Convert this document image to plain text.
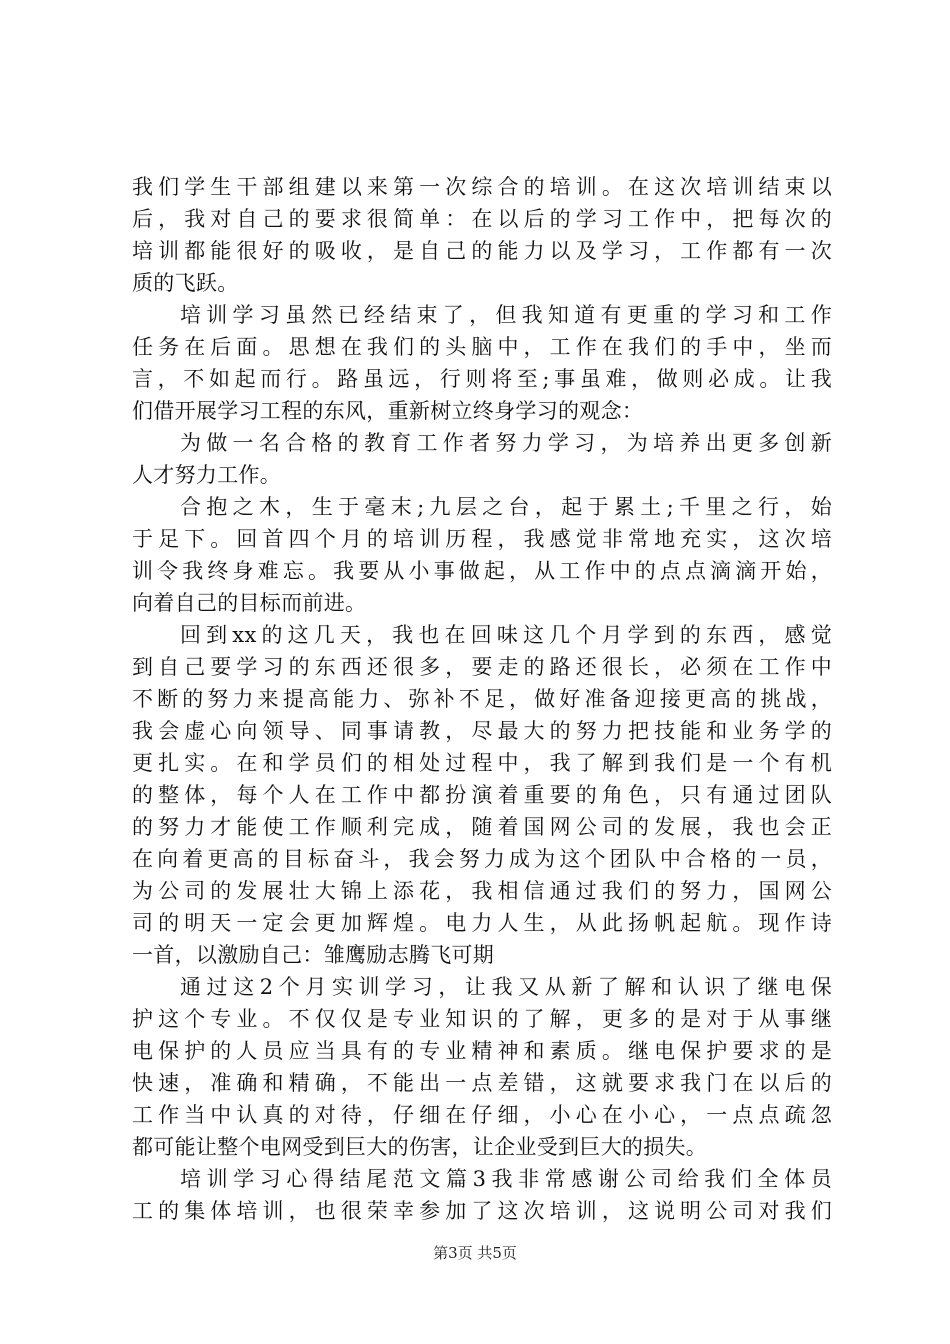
我们学生干部组建以来第一次综合的培训。在这次培训结束以
后，我对自己的要求很简单：在以后的学习工作中，把每次的
培训都能很好的吸收，是自己的能力以及学习，工作都有一次
质的飞跃。
培训学习虽然已经结束了，但我知道有更重的学习和工作
任务在后面。思想在我们的头脑中，工作在我们的手中，坐而
言，不如起而行。路虽远，行则将至;事虽难，做则必成。让我
们借开展学习工程的东风，重新树立终身学习的观念：
为做一名合格的教育工作者努力学习，为培养出更多创新
人才努力工作。
合抱之木，生于毫末;九层之台，起于累土;千里之行，始
于足下。回首四个月的培训历程，我感觉非常地充实，这次培
训令我终身难忘。我要从小事做起，从工作中的点点滴滴开始，
向着自己的目标而前进。
回到xx的这几天，我也在回味这几个月学到的东西，感觉
到自己要学习的东西还很多，要走的路还很长，必须在工作中
不断的努力来提高能力、弥补不足，做好准备迎接更高的挑战，
我会虚心向领导、同事请教，尽最大的努力把技能和业务学的
更扎实。在和学员们的相处过程中，我了解到我们是一个有机
的整体，每个人在工作中都扮演着重要的角色，只有通过团队
的努力才能使工作顺利完成，随着国网公司的发展，我也会正
在向着更高的目标奋斗，我会努力成为这个团队中合格的一员，
为公司的发展壮大锦上添花，我相信通过我们的努力，国网公
司的明天一定会更加辉煌。电力人生，从此扬帆起航。现作诗
一首，以激励自己：雏鹰励志腾飞可期
通过这2个月实训学习，让我又从新了解和认识了继电保
护这个专业。不仅仅是专业知识的了解，更多的是对于从事继
电保护的人员应当具有的专业精神和素质。继电保护要求的是
快速，准确和精确，不能出一点差错，这就要求我门在以后的
工作当中认真的对待，仔细在仔细，小心在小心，一点点疏忽
都可能让整个电网受到巨大的伤害，让企业受到巨大的损失。
培训学习心得结尾范文篇3我非常感谢公司给我们全体员
工的集体培训，也很荣幸参加了这次培训，这说明公司对我们
第3页 共5页
